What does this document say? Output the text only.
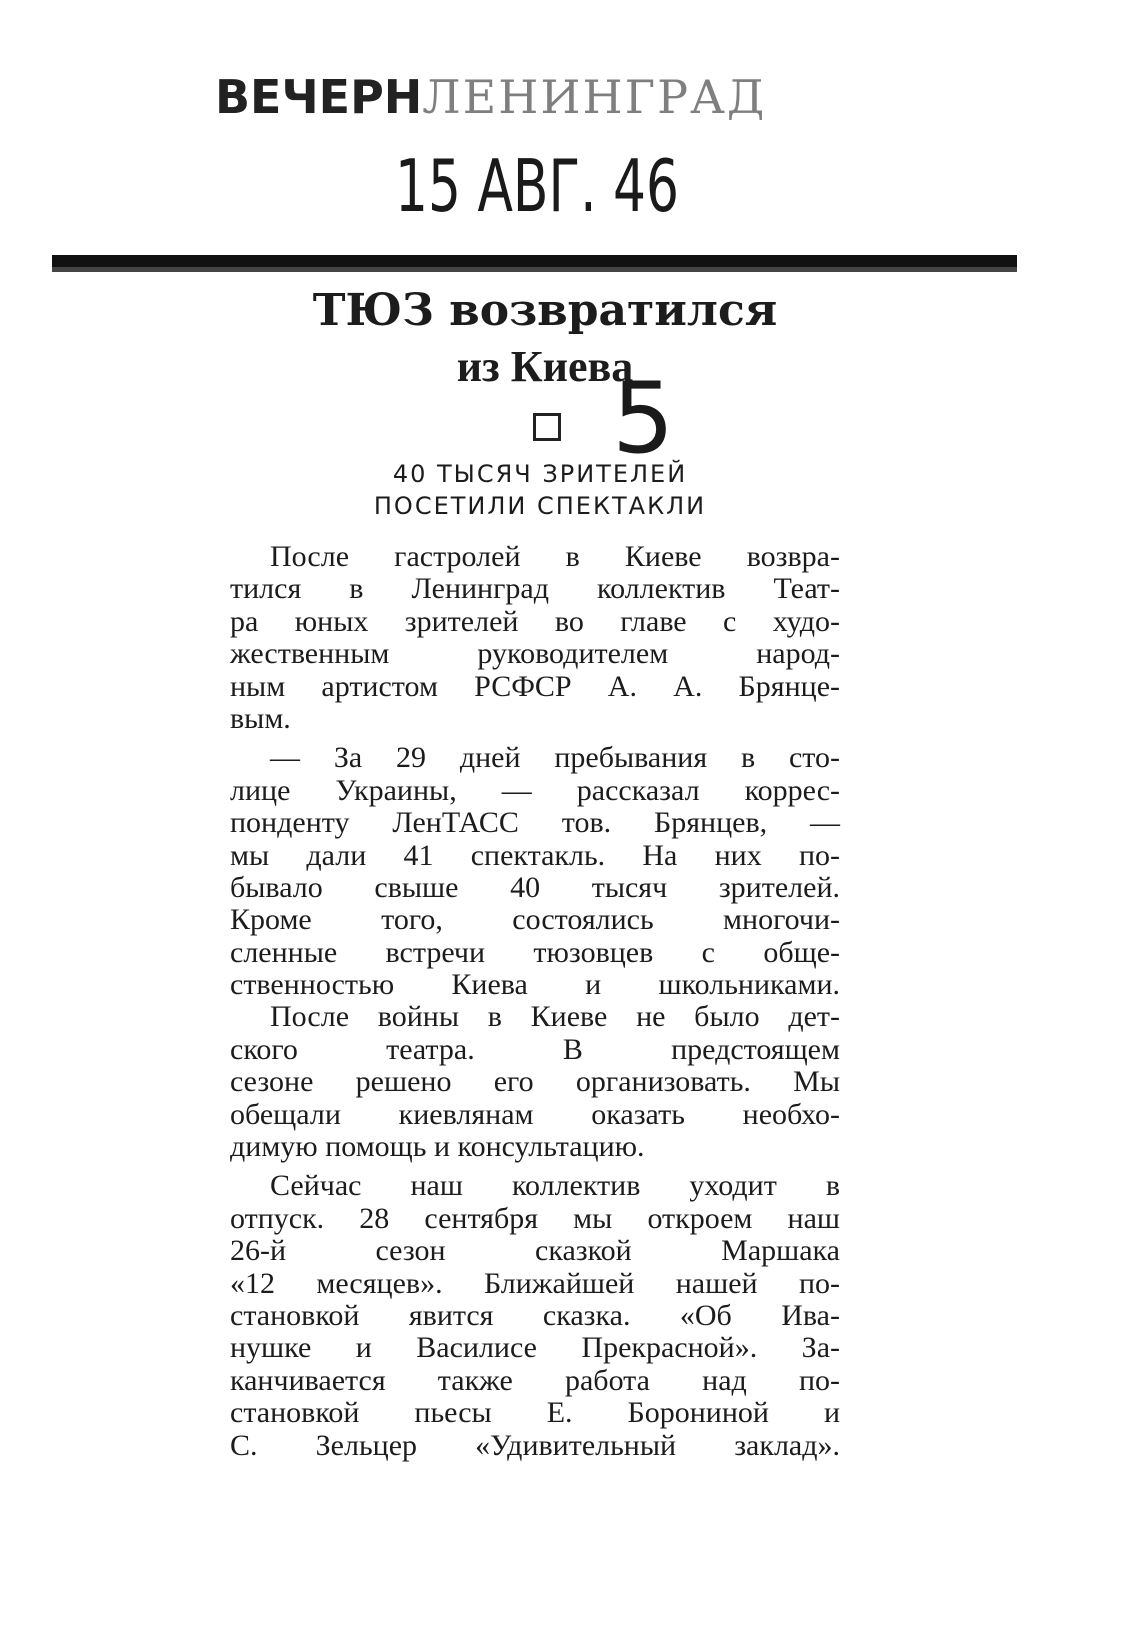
ВЕЧЕРНЛЕНИНГРАД
15 АВГ. 46
ТЮЗ возвратился
из Киева
5
40 ТЫСЯЧ ЗРИТЕЛЕЙ
ПОСЕТИЛИ СПЕКТАКЛИ
После гастролей в Киеве возвра-
тился в Ленинград коллектив Теат-
ра юных зрителей во главе с худо-
жественным руководителем народ-
ным артистом РСФСР А. А. Брянце-
вым.
— За 29 дней пребывания в сто-
лице Украины, — рассказал коррес-
понденту ЛенТАСС тов. Брянцев, —
мы дали 41 спектакль. На них по-
бывало свыше 40 тысяч зрителей.
Кроме того, состоялись многочи-
сленные встречи тюзовцев с обще-
ственностью Киева и школьниками.
После войны в Киеве не было дет-
ского театра. В предстоящем
сезоне решено его организовать. Мы
обещали киевлянам оказать необхо-
димую помощь и консультацию.
Сейчас наш коллектив уходит в
отпуск. 28 сентября мы откроем наш
26-й сезон сказкой Маршака
«12 месяцев». Ближайшей нашей по-
становкой явится сказка. «Об Ива-
нушке и Василисе Прекрасной». За-
канчивается также работа над по-
становкой пьесы Е. Борониной и
С. Зельцер «Удивительный заклад».
